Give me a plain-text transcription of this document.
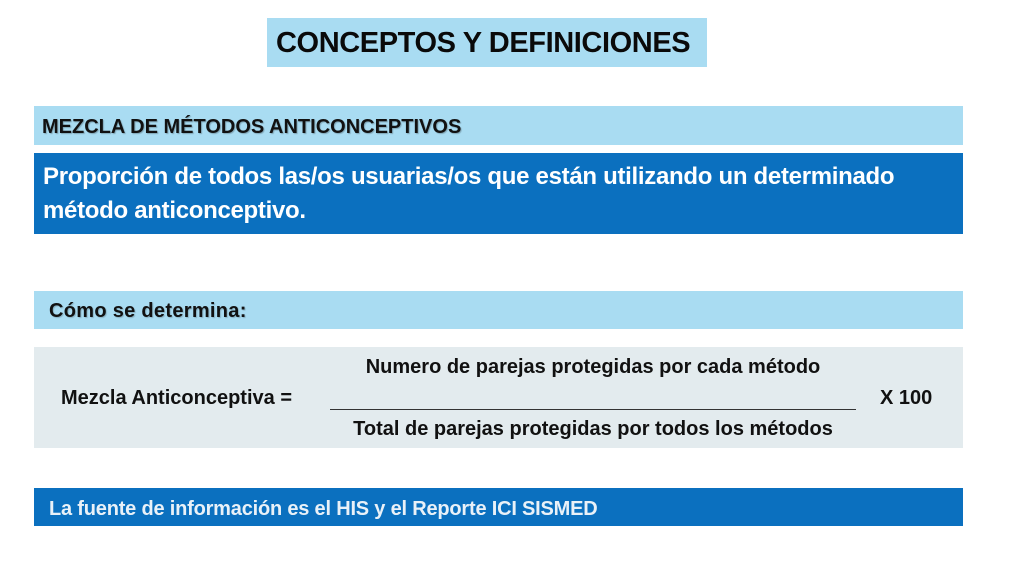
CONCEPTOS Y DEFINICIONES
MEZCLA DE MÉTODOS ANTICONCEPTIVOS
Proporción de todos las/os usuarias/os que están utilizando un determinado método anticonceptivo.
Cómo se determina:
Mezcla Anticonceptiva =
Numero de parejas protegidas por cada método
Total de parejas protegidas por todos los métodos
X 100
La fuente de información es el HIS y el Reporte ICI SISMED
